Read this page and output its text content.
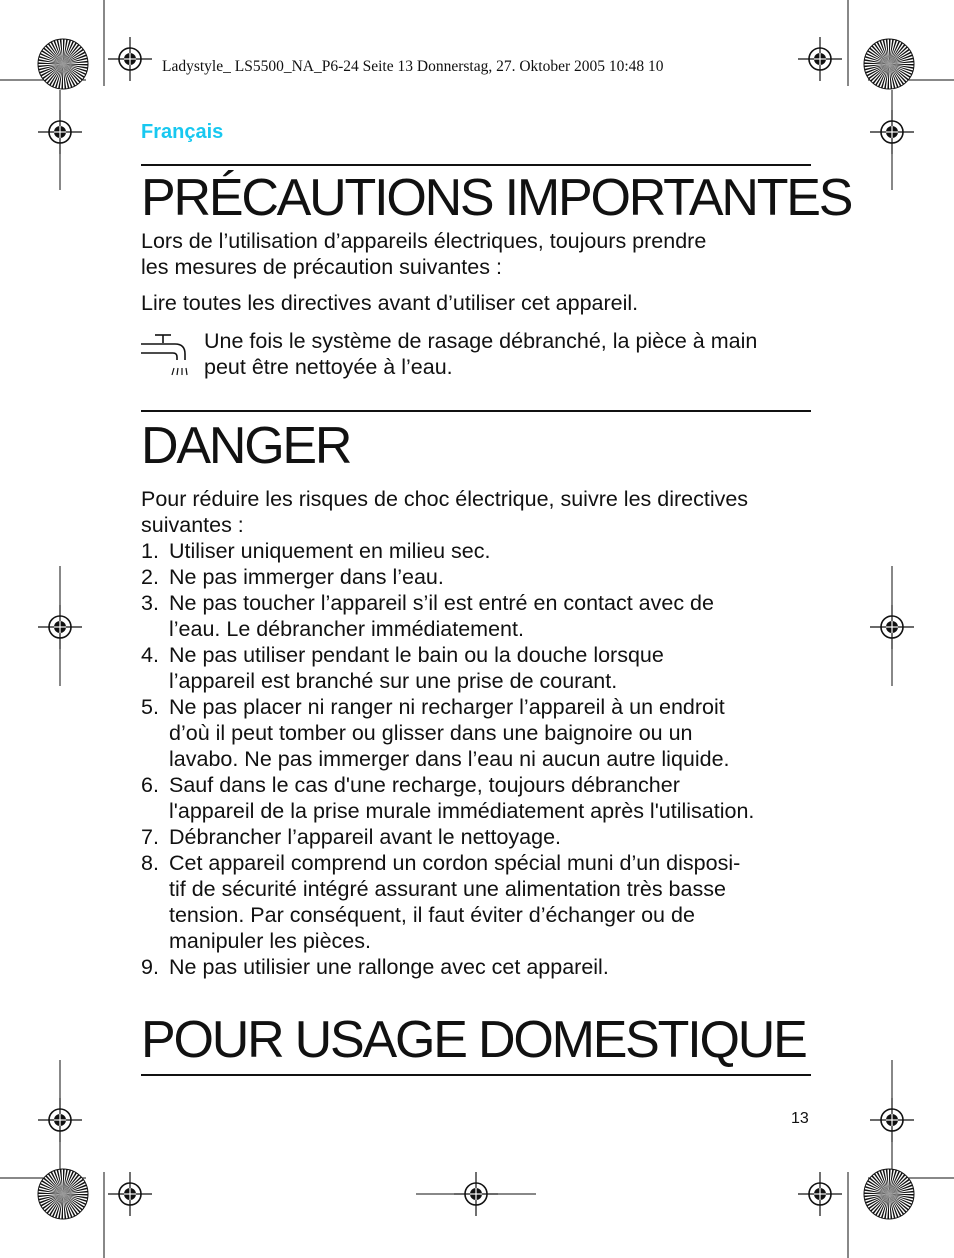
Ladystyle_ LS5500_NA_P6-24 Seite 13 Donnerstag, 27. Oktober 2005 10:48 10
Français
PRÉCAUTIONS IMPORTANTES

Lors de l’utilisation d’appareils électriques, toujours prendre
les mesures de précaution suivantes :

Lire toutes les directives avant d’utiliser cet appareil.

Une fois le système de rasage débranché, la pièce à main
peut être nettoyée à l’eau.

DANGER

Pour réduire les risques de choc électrique, suivre les directives
suivantes :

1. Utiliser uniquement en milieu sec.
2. Ne pas immerger dans l’eau.
3. Ne pas toucher l’appareil s’il est entré en contact avec de
l’eau. Le débrancher immédiatement.
4. Ne pas utiliser pendant le bain ou la douche lorsque
l’appareil est branché sur une prise de courant.
5. Ne pas placer ni ranger ni recharger l’appareil à un endroit
d’où il peut tomber ou glisser dans une baignoire ou un
lavabo. Ne pas immerger dans l’eau ni aucun autre liquide.
6. Sauf dans le cas d'une recharge, toujours débrancher
l'appareil de la prise murale immédiatement après l'utilisation.
7. Débrancher l’appareil avant le nettoyage.
8. Cet appareil comprend un cordon spécial muni d’un disposi-
tif de sécurité intégré assurant une alimentation très basse
tension. Par conséquent, il faut éviter d’échanger ou de
manipuler les pièces.
9. Ne pas utilisier une rallonge avec cet appareil.
POUR USAGE DOMESTIQUE
13
